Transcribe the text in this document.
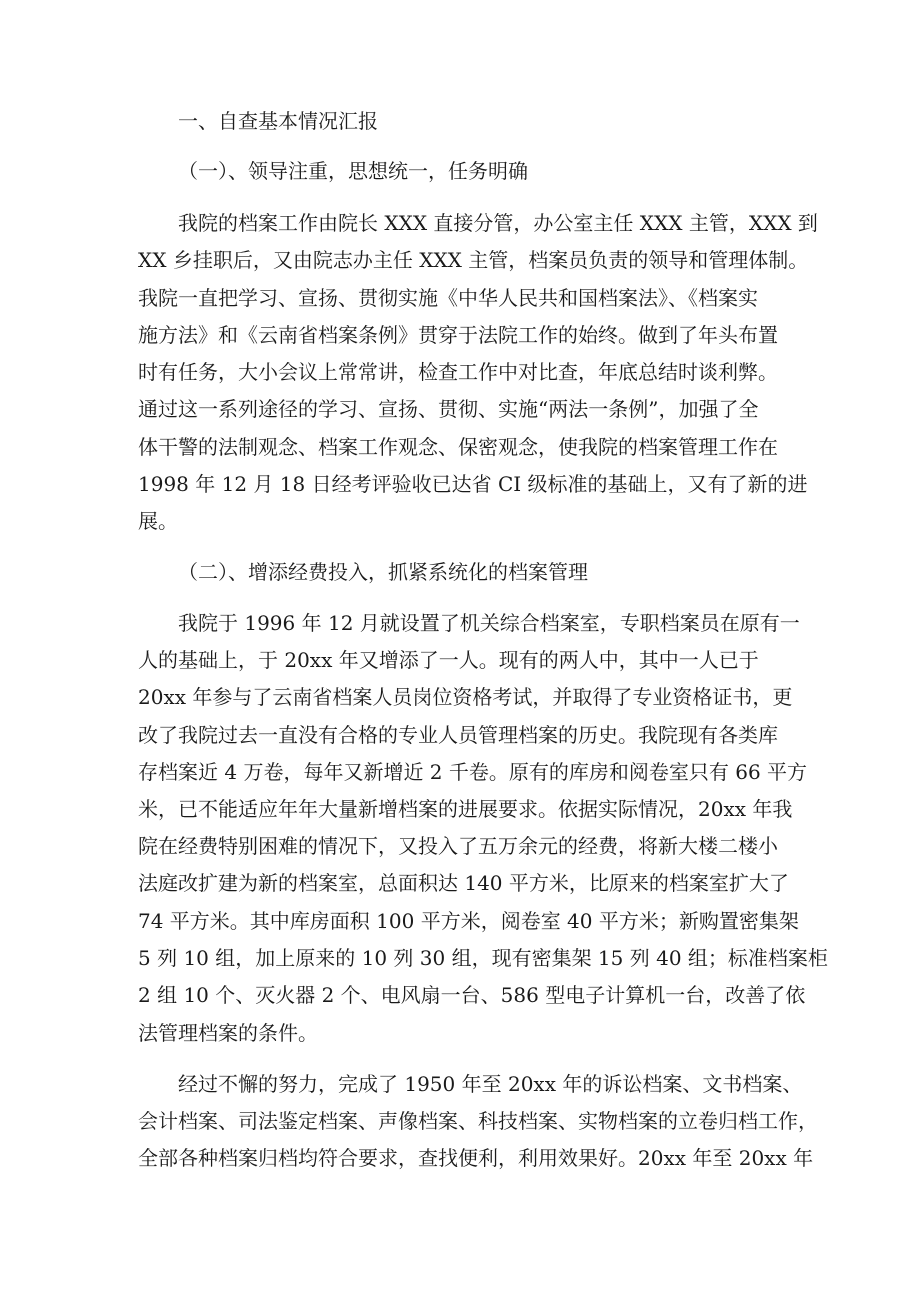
一、自查基本情况汇报
（一）、领导注重，思想统一，任务明确
我院的档案工作由院长 XXX 直接分管，办公室主任 XXX 主管，XXX 到
XX 乡挂职后，又由院志办主任 XXX 主管，档案员负责的领导和管理体制。
我院一直把学习、宣扬、贯彻实施《中华人民共和国档案法》、《档案实
施方法》和《云南省档案条例》贯穿于法院工作的始终。做到了年头布置
时有任务，大小会议上常常讲，检查工作中对比查，年底总结时谈利弊。
通过这一系列途径的学习、宣扬、贯彻、实施“两法一条例”，加强了全
体干警的法制观念、档案工作观念、保密观念，使我院的档案管理工作在
1998 年 12 月 18 日经考评验收已达省 CI 级标准的基础上，又有了新的进
展。
（二）、增添经费投入，抓紧系统化的档案管理
我院于 1996 年 12 月就设置了机关综合档案室，专职档案员在原有一
人的基础上，于 20xx 年又增添了一人。现有的两人中，其中一人已于
20xx 年参与了云南省档案人员岗位资格考试，并取得了专业资格证书，更
改了我院过去一直没有合格的专业人员管理档案的历史。我院现有各类库
存档案近 4 万卷，每年又新增近 2 千卷。原有的库房和阅卷室只有 66 平方
米，已不能适应年年大量新增档案的进展要求。依据实际情况，20xx 年我
院在经费特别困难的情况下，又投入了五万余元的经费，将新大楼二楼小
法庭改扩建为新的档案室，总面积达 140 平方米，比原来的档案室扩大了
74 平方米。其中库房面积 100 平方米，阅卷室 40 平方米；新购置密集架
5 列 10 组，加上原来的 10 列 30 组，现有密集架 15 列 40 组；标准档案柜
2 组 10 个、灭火器 2 个、电风扇一台、586 型电子计算机一台，改善了依
法管理档案的条件。
经过不懈的努力，完成了 1950 年至 20xx 年的诉讼档案、文书档案、
会计档案、司法鉴定档案、声像档案、科技档案、实物档案的立卷归档工作，
全部各种档案归档均符合要求，查找便利，利用效果好。20xx 年至 20xx 年
